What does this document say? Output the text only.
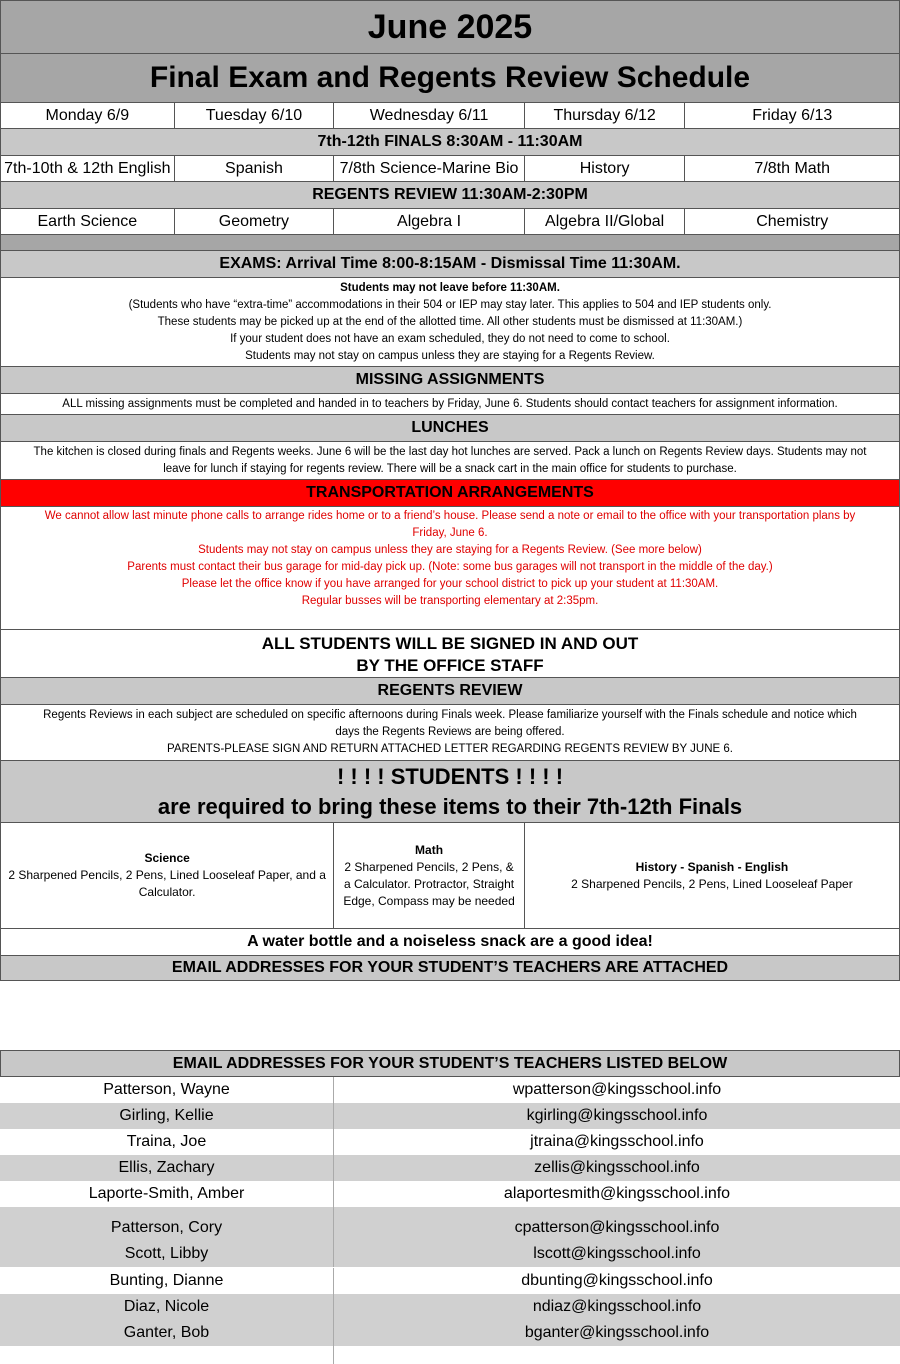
June 2025
Final Exam and Regents Review Schedule
Monday 6/9	Tuesday 6/10	Wednesday 6/11	Thursday 6/12	Friday 6/13
7th-12th FINALS 8:30AM - 11:30AM
7th-10th & 12th English	Spanish	7/8th Science-Marine Bio	History	7/8th Math
REGENTS REVIEW 11:30AM-2:30PM
Earth Science	Geometry	Algebra I	Algebra II/Global	Chemistry
EXAMS: Arrival Time 8:00-8:15AM - Dismissal Time 11:30AM.
Students may not leave before 11:30AM.
(Students who have “extra-time” accommodations in their 504 or IEP may stay later. This applies to 504 and IEP students only.
These students may be picked up at the end of the allotted time. All other students must be dismissed at 11:30AM.)
If your student does not have an exam scheduled, they do not need to come to school.
Students may not stay on campus unless they are staying for a Regents Review.
MISSING ASSIGNMENTS
ALL missing assignments must be completed and handed in to teachers by Friday, June 6. Students should contact teachers for assignment information.
LUNCHES
The kitchen is closed during finals and Regents weeks. June 6 will be the last day hot lunches are served. Pack a lunch on Regents Review days. Students may not
leave for lunch if staying for regents review. There will be a snack cart in the main office for students to purchase.
TRANSPORTATION ARRANGEMENTS
We cannot allow last minute phone calls to arrange rides home or to a friend’s house. Please send a note or email to the office with your transportation plans by
Friday, June 6.
Students may not stay on campus unless they are staying for a Regents Review. (See more below)
Parents must contact their bus garage for mid-day pick up. (Note: some bus garages will not transport in the middle of the day.)
Please let the office know if you have arranged for your school district to pick up your student at 11:30AM.
Regular busses will be transporting elementary at 2:35pm.
ALL STUDENTS WILL BE SIGNED IN AND OUT
BY THE OFFICE STAFF
REGENTS REVIEW
Regents Reviews in each subject are scheduled on specific afternoons during Finals week. Please familiarize yourself with the Finals schedule and notice which
days the Regents Reviews are being offered.
PARENTS-PLEASE SIGN AND RETURN ATTACHED LETTER REGARDING REGENTS REVIEW BY JUNE 6.
! ! ! ! STUDENTS ! ! ! !
are required to bring these items to their 7th-12th Finals
Science
2 Sharpened Pencils, 2 Pens, Lined Looseleaf Paper, and a Calculator.
Math
2 Sharpened Pencils, 2 Pens, & a Calculator. Protractor, Straight Edge, Compass may be needed
History - Spanish - English
2 Sharpened Pencils, 2 Pens, Lined Looseleaf Paper
A water bottle and a noiseless snack are a good idea!
EMAIL ADDRESSES FOR YOUR STUDENT’S TEACHERS ARE ATTACHED
EMAIL ADDRESSES FOR YOUR STUDENT’S TEACHERS LISTED BELOW
Patterson, Wayne	wpatterson@kingsschool.info
Girling, Kellie	kgirling@kingsschool.info
Traina, Joe	jtraina@kingsschool.info
Ellis, Zachary	zellis@kingsschool.info
Laporte-Smith, Amber	alaportesmith@kingsschool.info
Patterson, Cory	cpatterson@kingsschool.info
Scott, Libby	lscott@kingsschool.info
Bunting, Dianne	dbunting@kingsschool.info
Diaz, Nicole	ndiaz@kingsschool.info
Ganter, Bob	bganter@kingsschool.info
